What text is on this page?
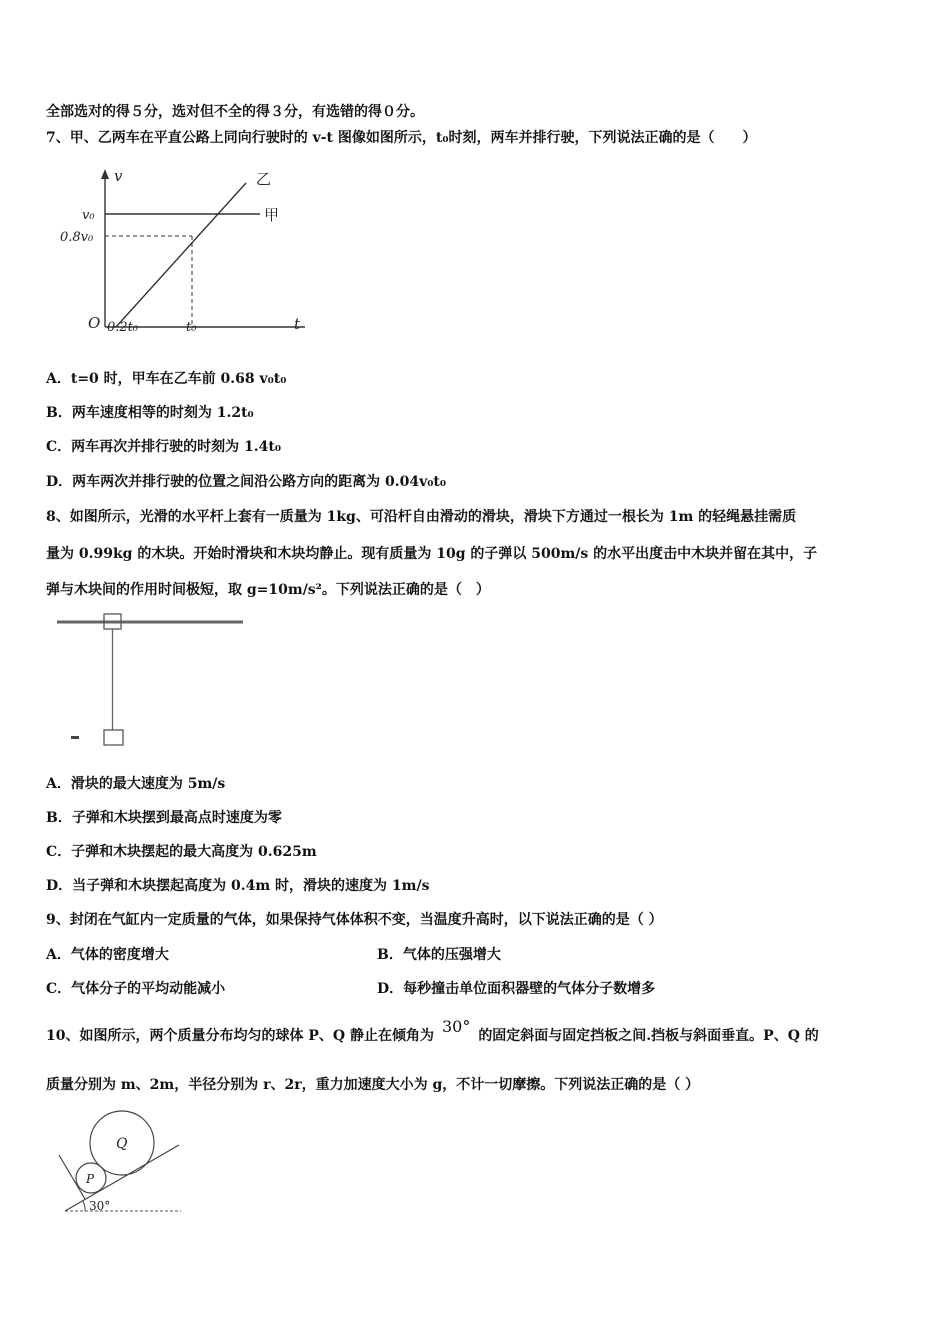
全部选对的得５分，选对但不全的得３分，有选错的得０分。
7、甲、乙两车在平直公路上同向行驶时的 v-t 图像如图所示，t₀时刻，两车并排行驶，下列说法正确的是（　　）
v
t
O
v₀
0.8v₀
0.2t₀	t₀
甲
乙
A．t=0 时，甲车在乙车前 0.68 v₀t₀
B．两车速度相等的时刻为 1.2t₀
C．两车再次并排行驶的时刻为 1.4t₀
D．两车两次并排行驶的位置之间沿公路方向的距离为 0.04v₀t₀
8、如图所示，光滑的水平杆上套有一质量为 1kg、可沿杆自由滑动的滑块，滑块下方通过一根长为 1m 的轻绳悬挂需质
量为 0.99kg 的木块。开始时滑块和木块均静止。现有质量为 10g 的子弹以 500m/s 的水平出度击中木块并留在其中，子
弹与木块间的作用时间极短，取 g=10m/s²。下列说法正确的是（　）
A．滑块的最大速度为 5m/s
B．子弹和木块摆到最高点时速度为零
C．子弹和木块摆起的最大高度为 0.625m
D．当子弹和木块摆起高度为 0.4m 时，滑块的速度为 1m/s
9、封闭在气缸内一定质量的气体，如果保持气体体积不变，当温度升高时，以下说法正确的是（ ）
A．气体的密度增大	B．气体的压强增大
C．气体分子的平均动能减小	D．每秒撞击单位面积器壁的气体分子数增多
10、如图所示，两个质量分布均匀的球体 P、Q 静止在倾角为 30° 的固定斜面与固定挡板之间.挡板与斜面垂直。P、Q 的
质量分别为 m、2m，半径分别为 r、2r，重力加速度大小为 g，不计一切摩擦。下列说法正确的是（ ）
Q
P
30°
